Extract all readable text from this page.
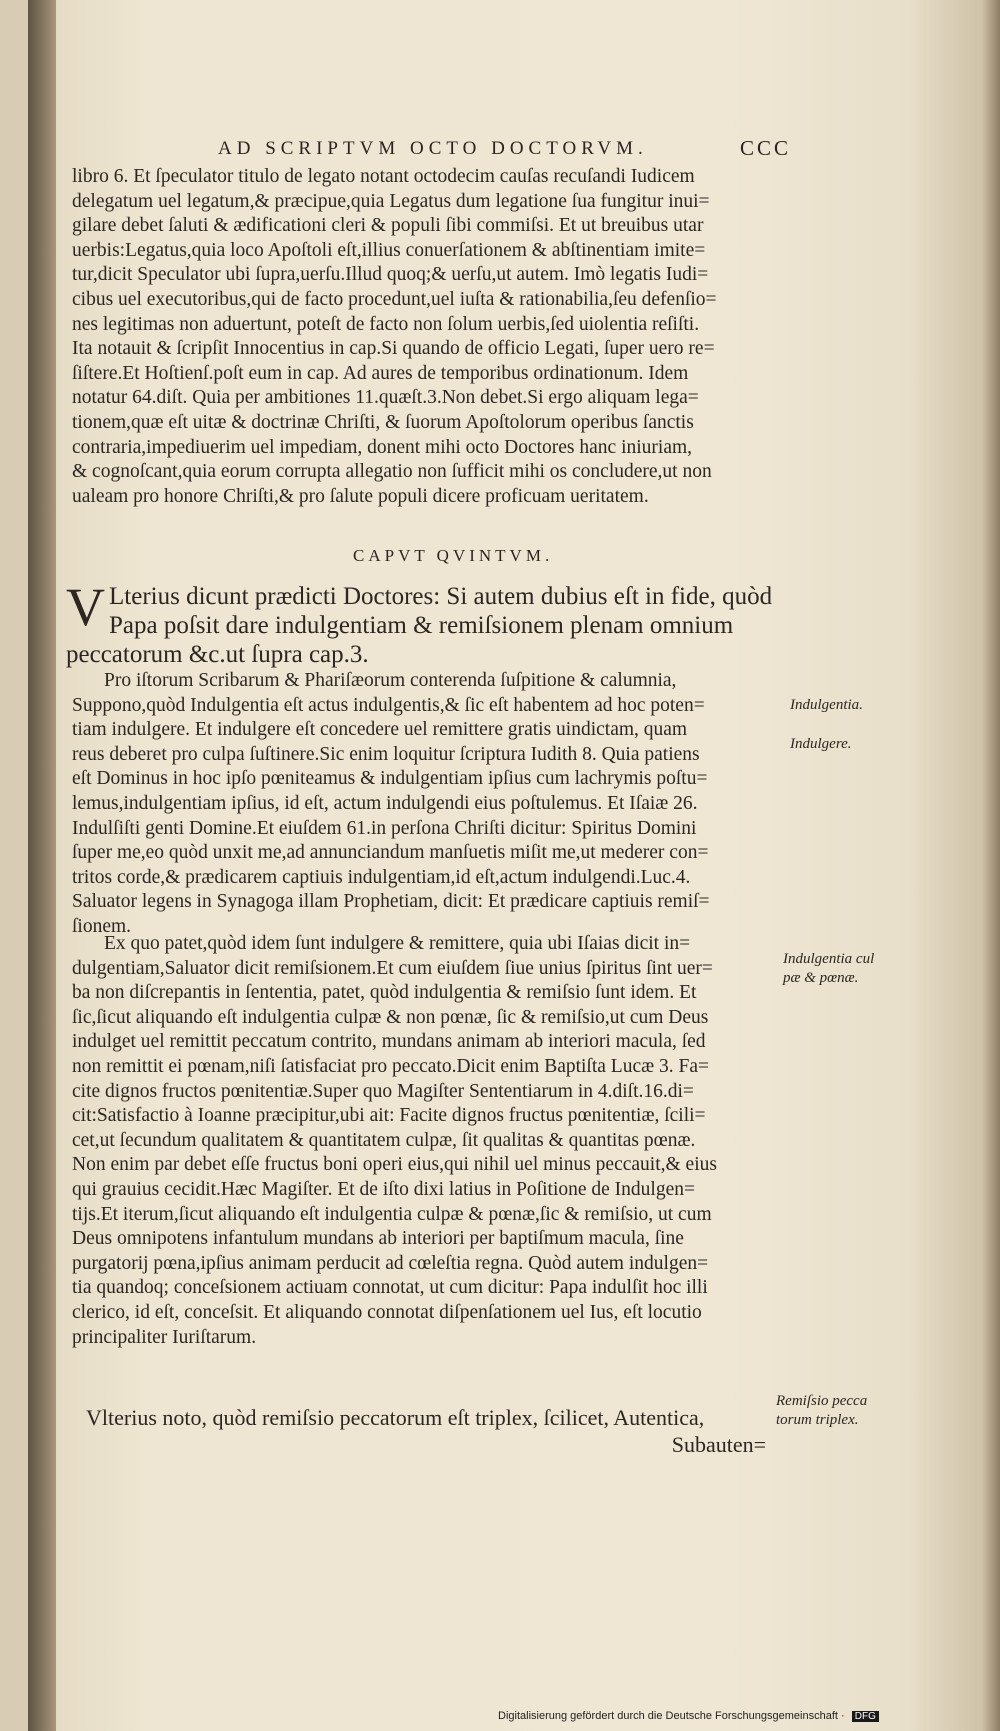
AD SCRIPTVM OCTO DOCTORVM.	CCC

libro 6. Et ſpeculator titulo de legato notant octodecim cauſas recuſandi Iudicem

delegatum uel legatum,& præcipue,quia Legatus dum legatione ſua fungitur inui=

gilare debet ſaluti & ædificationi cleri & populi ſibi commiſsi. Et ut breuibus utar

uerbis:Legatus,quia loco Apoſtoli eſt,illius conuerſationem & abſtinentiam imite=

tur,dicit Speculator ubi ſupra,uerſu.Illud quoq;& uerſu,ut autem. Imò legatis Iudi=

cibus uel executoribus,qui de facto procedunt,uel iuſta & rationabilia,ſeu defenſio=

nes legitimas non aduertunt, poteſt de facto non ſolum uerbis,ſed uiolentia reſiſti.

Ita notauit & ſcripſit Innocentius in cap.Si quando de officio Legati, ſuper uero re=

ſiſtere.Et Hoſtienſ.poſt eum in cap. Ad aures de temporibus ordinationum. Idem

notatur 64.diſt. Quia per ambitiones 11.quæſt.3.Non debet.Si ergo aliquam lega=

tionem,quæ eſt uitæ & doctrinæ Chriſti, & ſuorum Apoſtolorum operibus ſanctis

contraria,impediuerim uel impediam, donent mihi octo Doctores hanc iniuriam,

& cognoſcant,quia eorum corrupta allegatio non ſufficit mihi os concludere,ut non

ualeam pro honore Chriſti,& pro ſalute populi dicere proficuam ueritatem.

CAPVT QVINTVM.
V Lterius dicunt prædicti Doctores: Si autem dubius eſt in fide, quòd Papa poſsit dare indulgentiam & remiſsionem plenam omnium peccatorum &c.ut ſupra cap.3.

Pro iſtorum Scribarum & Phariſæorum conterenda ſuſpitione & calumnia,

Suppono,quòd Indulgentia eſt actus indulgentis,& ſic eſt habentem ad hoc poten=

tiam indulgere. Et indulgere eſt concedere uel remittere gratis uindictam, quam

reus deberet pro culpa ſuſtinere.Sic enim loquitur ſcriptura Iudith 8. Quia patiens

eſt Dominus in hoc ipſo pœniteamus & indulgentiam ipſius cum lachrymis poſtu=

lemus,indulgentiam ipſius, id eſt, actum indulgendi eius poſtulemus. Et Iſaiæ 26.

Indulſiſti genti Domine.Et eiuſdem 61.in perſona Chriſti dicitur: Spiritus Domini

ſuper me,eo quòd unxit me,ad annunciandum manſuetis miſit me,ut mederer con=

tritos corde,& prædicarem captiuis indulgentiam,id eſt,actum indulgendi.Luc.4.

Saluator legens in Synagoga illam Prophetiam, dicit: Et prædicare captiuis remiſ=

ſionem.

Ex quo patet,quòd idem ſunt indulgere & remittere, quia ubi Iſaias dicit in=

dulgentiam,Saluator dicit remiſsionem.Et cum eiuſdem ſiue unius ſpiritus ſint uer=

ba non diſcrepantis in ſententia, patet, quòd indulgentia & remiſsio ſunt idem. Et

ſic,ſicut aliquando eſt indulgentia culpæ & non pœnæ, ſic & remiſsio,ut cum Deus

indulget uel remittit peccatum contrito, mundans animam ab interiori macula, ſed

non remittit ei pœnam,niſi ſatisfaciat pro peccato.Dicit enim Baptiſta Lucæ 3. Fa=

cite dignos fructos pœnitentiæ.Super quo Magiſter Sententiarum in 4.diſt.16.di=

cit:Satisfactio à Ioanne præcipitur,ubi ait: Facite dignos fructus pœnitentiæ, ſcili=

cet,ut ſecundum qualitatem & quantitatem culpæ, ſit qualitas & quantitas pœnæ.

Non enim par debet eſſe fructus boni operi eius,qui nihil uel minus peccauit,& eius

qui grauius cecidit.Hæc Magiſter. Et de iſto dixi latius in Poſitione de Indulgen=

tijs.Et iterum,ſicut aliquando eſt indulgentia culpæ & pœnæ,ſic & remiſsio, ut cum

Deus omnipotens infantulum mundans ab interiori per baptiſmum macula, ſine

purgatorij pœna,ipſius animam perducit ad cœleſtia regna. Quòd autem indulgen=

tia quandoq; conceſsionem actiuam connotat, ut cum dicitur: Papa indulſit hoc illi

clerico, id eſt, conceſsit. Et aliquando connotat diſpenſationem uel Ius, eſt locutio

principaliter Iuriſtarum.

Vlterius noto, quòd remiſsio peccatorum eſt triplex, ſcilicet, Autentica,

Subauten=

Indulgentia.
Indulgere.
Indulgentia cul pæ & pœnæ.
Remiſsio pecca torum triplex.
Digitalisierung gefördert durch die Deutsche Forschungsgemeinschaft · DFG
